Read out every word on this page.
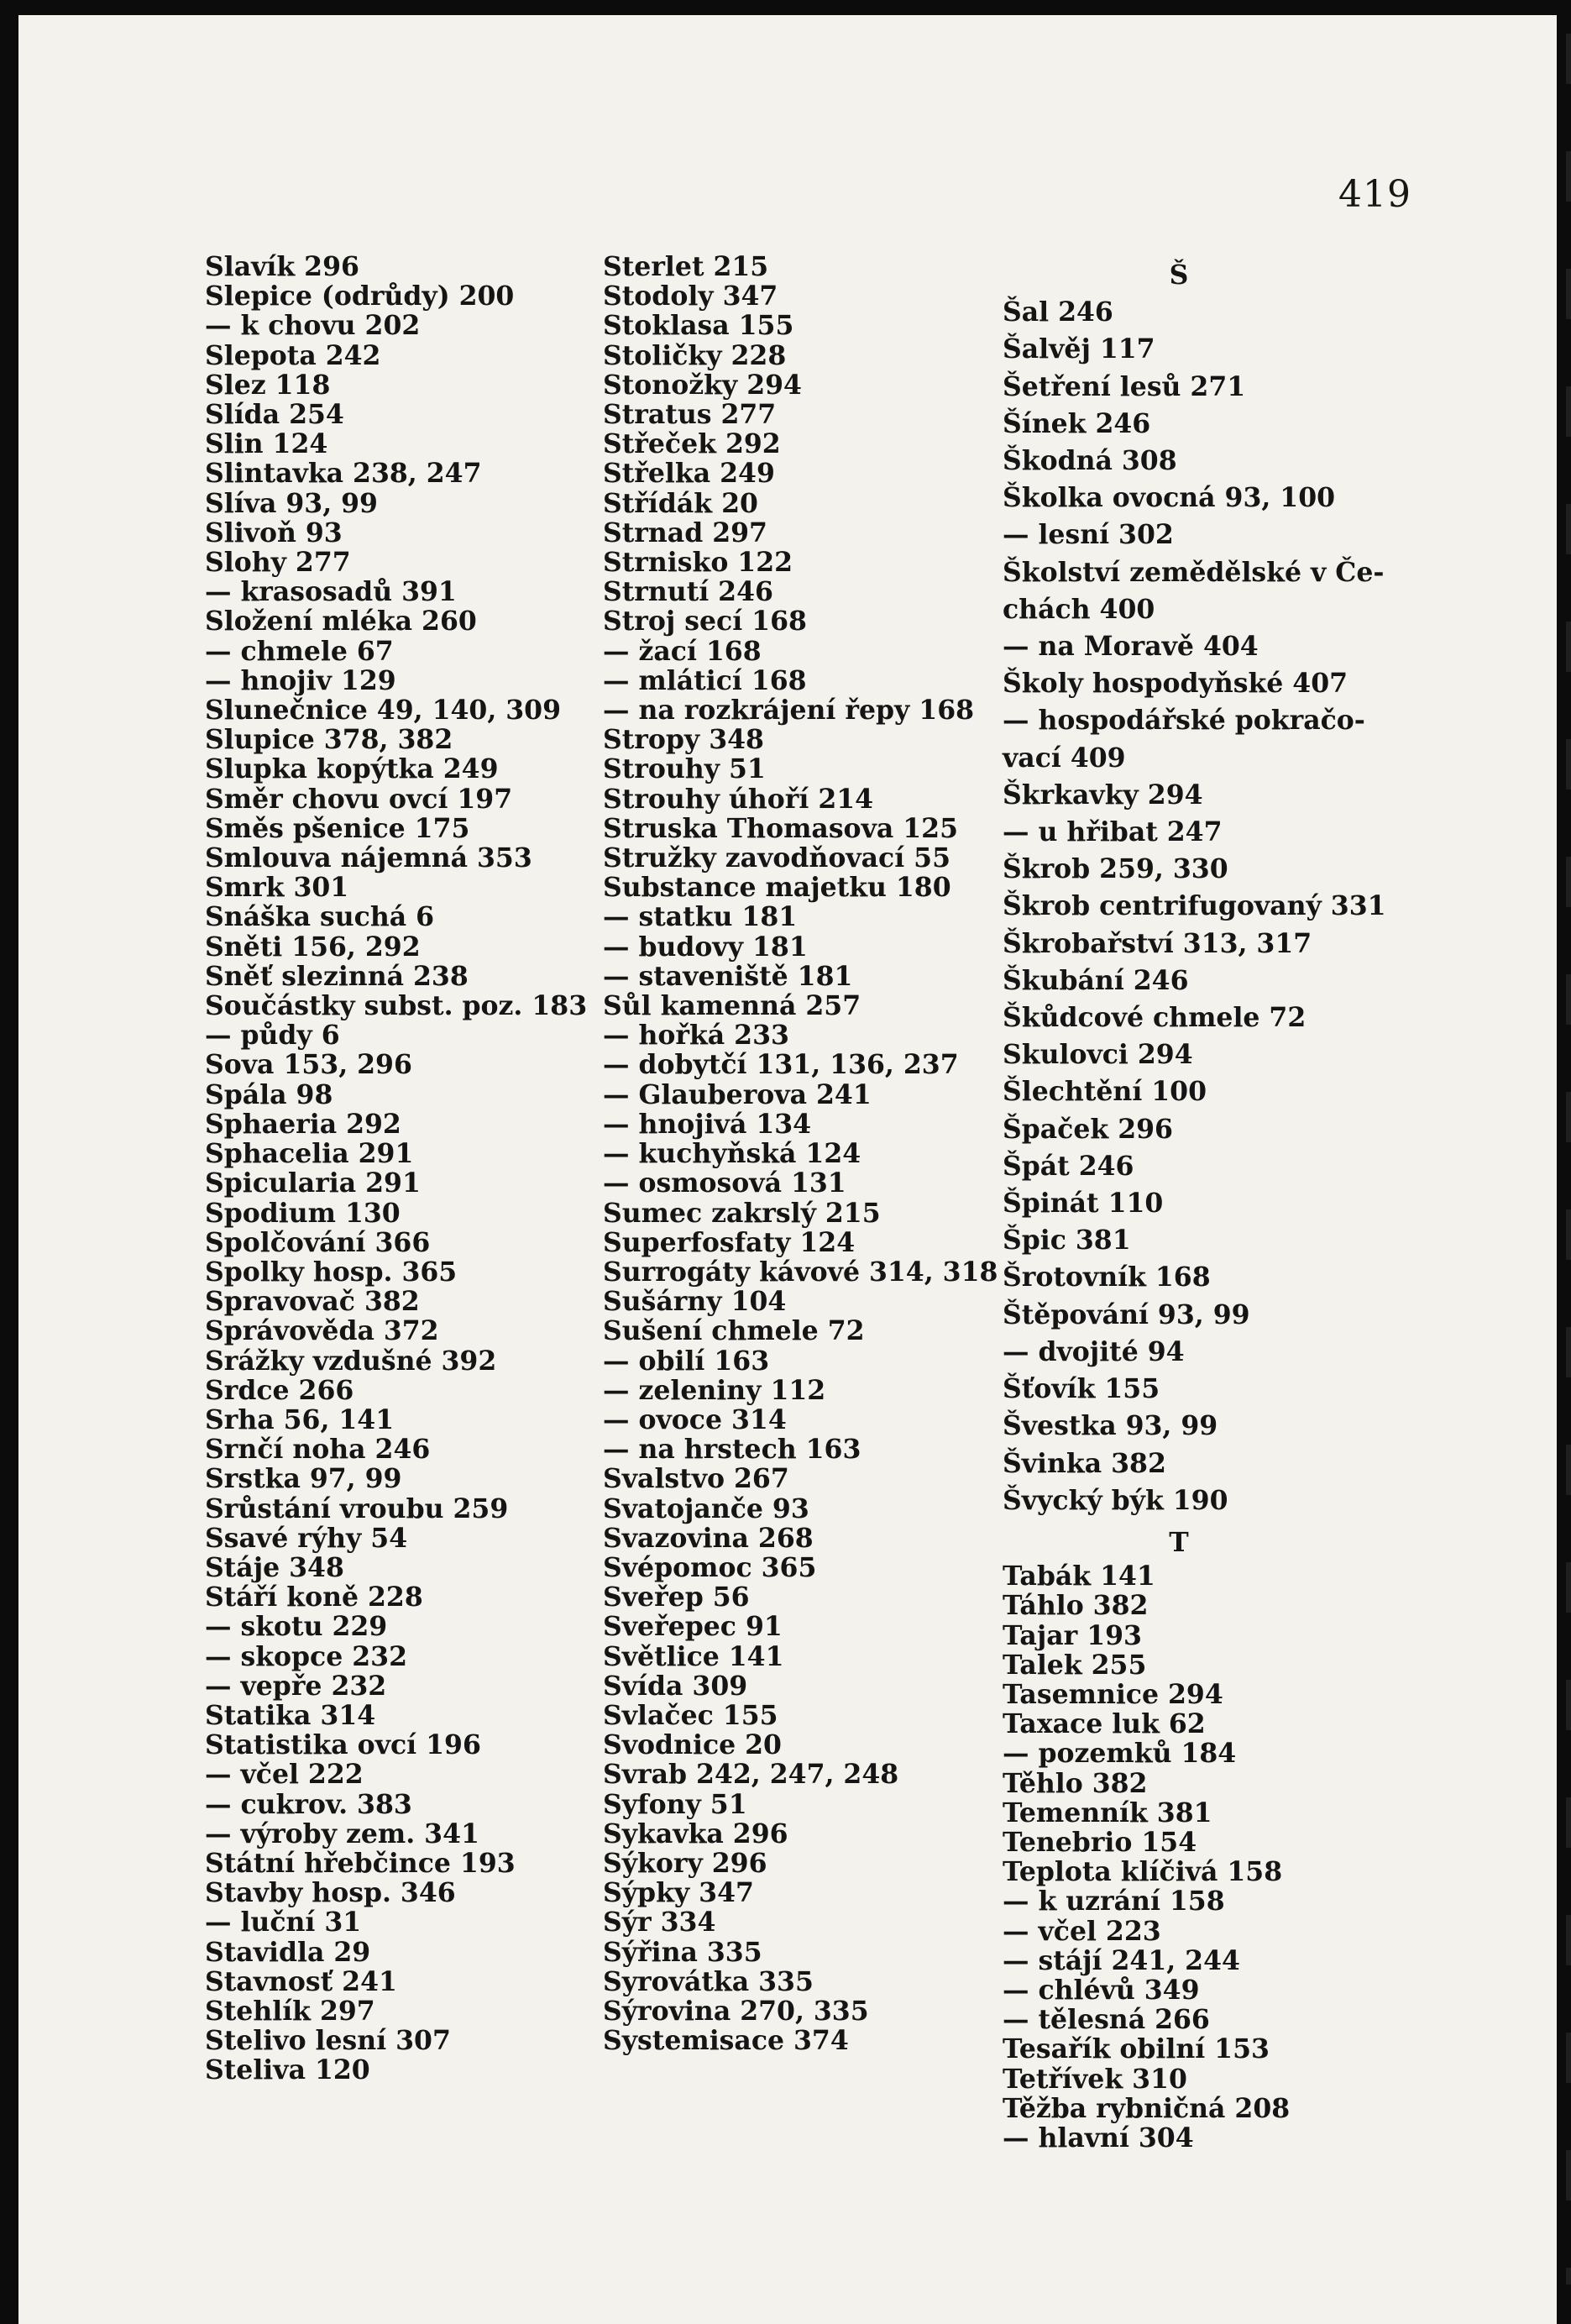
419
Slavík 296
Slepice (odrůdy) 200
— k chovu 202
Slepota 242
Slez 118
Slída 254
Slin 124
Slintavka 238, 247
Slíva 93, 99
Slivoň 93
Slohy 277
— krasosadů 391
Složení mléka 260
— chmele 67
— hnojiv 129
Slunečnice 49, 140, 309
Slupice 378, 382
Slupka kopýtka 249
Směr chovu ovcí 197
Směs pšenice 175
Smlouva nájemná 353
Smrk 301
Snáška suchá 6
Sněti 156, 292
Sněť slezinná 238
Součástky subst. poz. 183
— půdy 6
Sova 153, 296
Spála 98
Sphaeria 292
Sphacelia 291
Spicularia 291
Spodium 130
Spolčování 366
Spolky hosp. 365
Spravovač 382
Správověda 372
Srážky vzdušné 392
Srdce 266
Srha 56, 141
Srnčí noha 246
Srstka 97, 99
Srůstání vroubu 259
Ssavé rýhy 54
Stáje 348
Stáří koně 228
— skotu 229
— skopce 232
— vepře 232
Statika 314
Statistika ovcí 196
— včel 222
— cukrov. 383
— výroby zem. 341
Státní hřebčince 193
Stavby hosp. 346
— luční 31
Stavidla 29
Stavnosť 241
Stehlík 297
Stelivo lesní 307
Steliva 120
Sterlet 215
Stodoly 347
Stoklasa 155
Stoličky 228
Stonožky 294
Stratus 277
Střeček 292
Střelka 249
Střídák 20
Strnad 297
Strnisko 122
Strnutí 246
Stroj secí 168
— žací 168
— mláticí 168
— na rozkrájení řepy 168
Stropy 348
Strouhy 51
Strouhy úhoří 214
Struska Thomasova 125
Stružky zavodňovací 55
Substance majetku 180
— statku 181
— budovy 181
— staveniště 181
Sůl kamenná 257
— hořká 233
— dobytčí 131, 136, 237
— Glauberova 241
— hnojivá 134
— kuchyňská 124
— osmosová 131
Sumec zakrslý 215
Superfosfaty 124
Surrogáty kávové 314, 318
Sušárny 104
Sušení chmele 72
— obilí 163
— zeleniny 112
— ovoce 314
— na hrstech 163
Svalstvo 267
Svatojanče 93
Svazovina 268
Svépomoc 365
Sveřep 56
Sveřepec 91
Světlice 141
Svída 309
Svlačec 155
Svodnice 20
Svrab 242, 247, 248
Syfony 51
Sykavka 296
Sýkory 296
Sýpky 347
Sýr 334
Sýřina 335
Syrovátka 335
Sýrovina 270, 335
Systemisace 374
Š
Šal 246
Šalvěj 117
Šetření lesů 271
Šínek 246
Škodná 308
Školka ovocná 93, 100
— lesní 302
Školství zemědělské v Če-
chách 400
— na Moravě 404
Školy hospodyňské 407
— hospodářské pokračo-
vací 409
Škrkavky 294
— u hřibat 247
Škrob 259, 330
Škrob centrifugovaný 331
Škrobařství 313, 317
Škubání 246
Škůdcové chmele 72
Skulovci 294
Šlechtění 100
Špaček 296
Špát 246
Špinát 110
Špic 381
Šrotovník 168
Štěpování 93, 99
— dvojité 94
Šťovík 155
Švestka 93, 99
Švinka 382
Švycký býk 190
T
Tabák 141
Táhlo 382
Tajar 193
Talek 255
Tasemnice 294
Taxace luk 62
— pozemků 184
Těhlo 382
Temenník 381
Tenebrio 154
Teplota klíčivá 158
— k uzrání 158
— včel 223
— stájí 241, 244
— chlévů 349
— tělesná 266
Tesařík obilní 153
Tetřívek 310
Těžba rybničná 208
— hlavní 304
